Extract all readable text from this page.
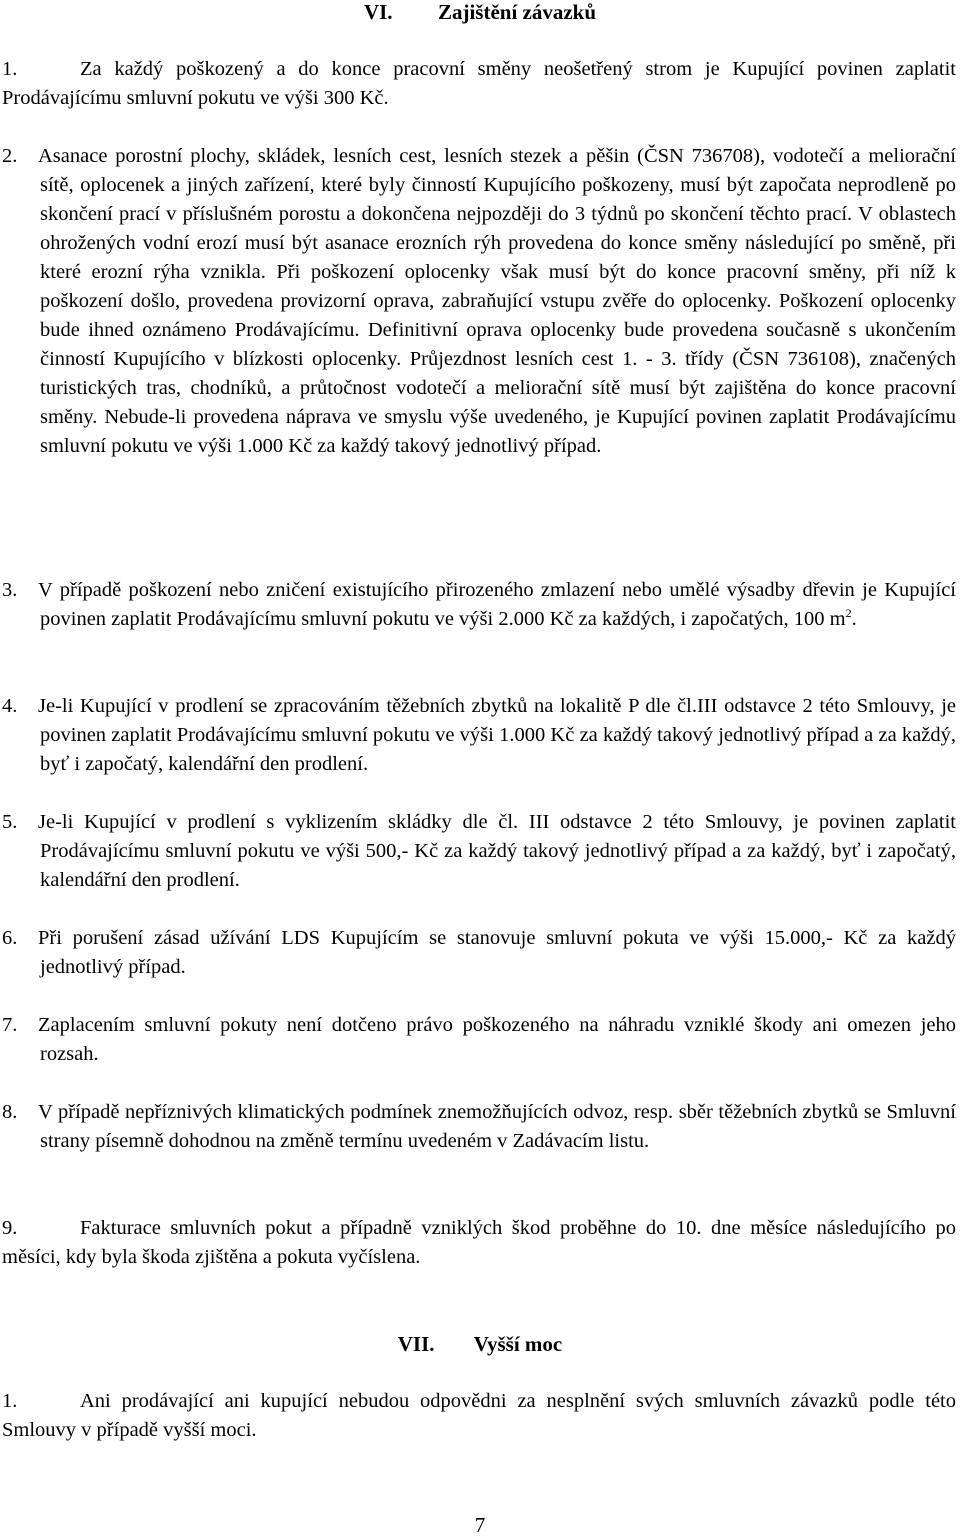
VI. Zajištění závazků
1.	Za každý poškozený a do konce pracovní směny neošetřený strom je Kupující povinen zaplatit Prodávajícímu smluvní pokutu ve výši 300 Kč.
2. Asanace porostní plochy, skládek, lesních cest, lesních stezek a pěšin (ČSN 736708), vodotečí a meliorační sítě, oplocenek a jiných zařízení, které byly činností Kupujícího poškozeny, musí být započata neprodleně po skončení prací v příslušném porostu a dokončena nejpozději do 3 týdnů po skončení těchto prací. V oblastech ohrožených vodní erozí musí být asanace erozních rýh provedena do konce směny následující po směně, při které erozní rýha vznikla. Při poškození oplocenky však musí být do konce pracovní směny, při níž k poškození došlo, provedena provizorní oprava, zabraňující vstupu zvěře do oplocenky. Poškození oplocenky bude ihned oznámeno Prodávajícímu. Definitivní oprava oplocenky bude provedena současně s ukončením činností Kupujícího v blízkosti oplocenky. Průjezdnost lesních cest 1. - 3. třídy (ČSN 736108), značených turistických tras, chodníků, a průtočnost vodotečí a meliorační sítě musí být zajištěna do konce pracovní směny. Nebude-li provedena náprava ve smyslu výše uvedeného, je Kupující povinen zaplatit Prodávajícímu smluvní pokutu ve výši 1.000 Kč za každý takový jednotlivý případ.
3. V případě poškození nebo zničení existujícího přirozeného zmlazení nebo umělé výsadby dřevin je Kupující povinen zaplatit Prodávajícímu smluvní pokutu ve výši 2.000 Kč za každých, i započatých, 100 $m^2$.
4. Je-li Kupující v prodlení se zpracováním těžebních zbytků na lokalitě P dle čl.III odstavce 2 této Smlouvy, je povinen zaplatit Prodávajícímu smluvní pokutu ve výši 1.000 Kč za každý takový jednotlivý případ a za každý, byť i započatý, kalendářní den prodlení.
5. Je-li Kupující v prodlení s vyklizením skládky dle čl. III odstavce 2 této Smlouvy, je povinen zaplatit Prodávajícímu smluvní pokutu ve výši 500,- Kč za každý takový jednotlivý případ a za každý, byť i započatý, kalendářní den prodlení.
6. Při porušení zásad užívání LDS Kupujícím se stanovuje smluvní pokuta ve výši 15.000,- Kč za každý jednotlivý případ.
7. Zaplacením smluvní pokuty není dotčeno právo poškozeného na náhradu vzniklé škody ani omezen jeho rozsah.
8. V případě nepříznivých klimatických podmínek znemožňujících odvoz, resp. sběr těžebních zbytků se Smluvní strany písemně dohodnou na změně termínu uvedeném v Zadávacím listu.
9.	Fakturace smluvních pokut a případně vzniklých škod proběhne do 10. dne měsíce následujícího po měsíci, kdy byla škoda zjištěna a pokuta vyčíslena.
VII. Vyšší moc
1.	Ani prodávající ani kupující nebudou odpovědni za nesplnění svých smluvních závazků podle této Smlouvy v případě vyšší moci.
7
